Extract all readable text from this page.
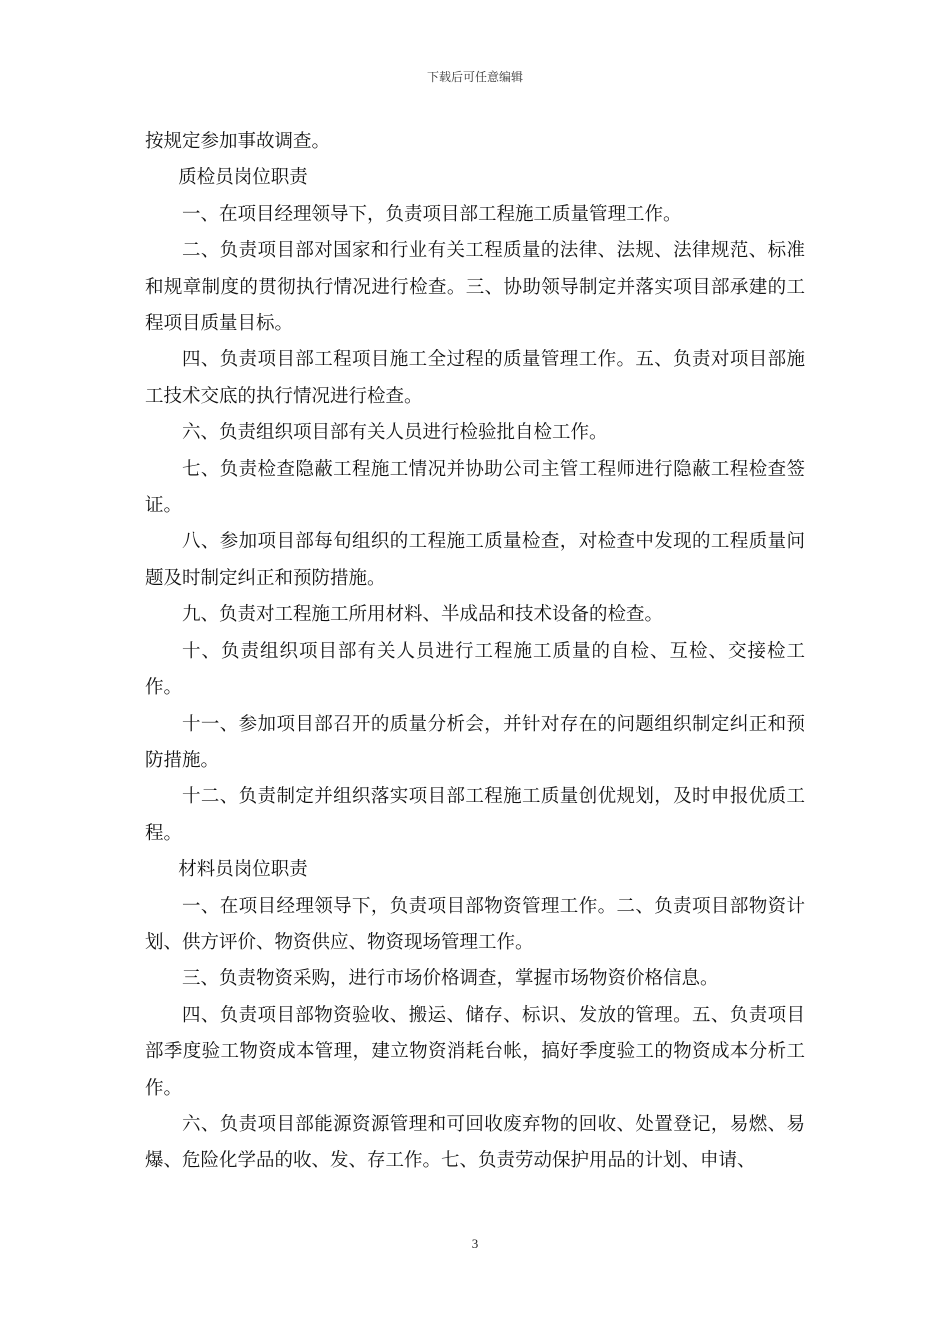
下载后可任意编辑

按规定参加事故调查。

质检员岗位职责

一、在项目经理领导下，负责项目部工程施工质量管理工作。

二、负责项目部对国家和行业有关工程质量的法律、法规、法律规范、标准和规章制度的贯彻执行情况进行检查。三、协助领导制定并落实项目部承建的工程项目质量目标。

四、负责项目部工程项目施工全过程的质量管理工作。五、负责对项目部施工技术交底的执行情况进行检查。

六、负责组织项目部有关人员进行检验批自检工作。

七、负责检查隐蔽工程施工情况并协助公司主管工程师进行隐蔽工程检查签证。

八、参加项目部每旬组织的工程施工质量检查，对检查中发现的工程质量问题及时制定纠正和预防措施。

九、负责对工程施工所用材料、半成品和技术设备的检查。

十、负责组织项目部有关人员进行工程施工质量的自检、互检、交接检工作。

十一、参加项目部召开的质量分析会，并针对存在的问题组织制定纠正和预防措施。

十二、负责制定并组织落实项目部工程施工质量创优规划，及时申报优质工程。

材料员岗位职责

一、在项目经理领导下，负责项目部物资管理工作。二、负责项目部物资计划、供方评价、物资供应、物资现场管理工作。

三、负责物资采购，进行市场价格调查，掌握市场物资价格信息。

四、负责项目部物资验收、搬运、储存、标识、发放的管理。五、负责项目部季度验工物资成本管理，建立物资消耗台帐，搞好季度验工的物资成本分析工作。

六、负责项目部能源资源管理和可回收废弃物的回收、处置登记，易燃、易爆、危险化学品的收、发、存工作。七、负责劳动保护用品的计划、申请、

3
